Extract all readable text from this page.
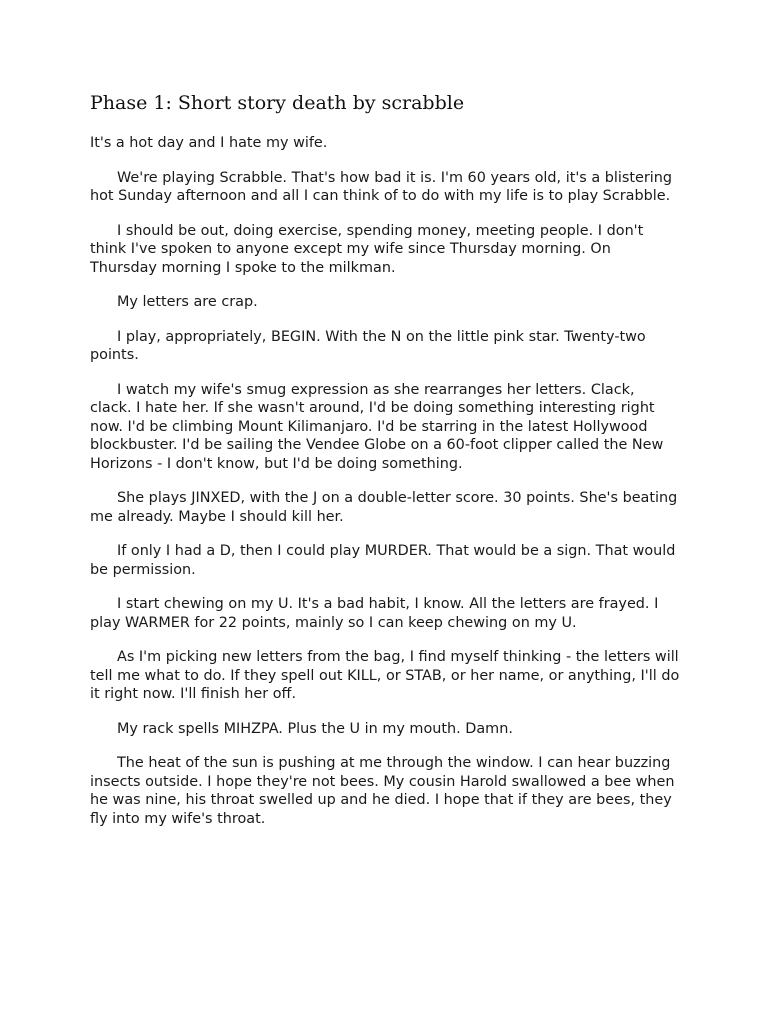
Phase 1: Short story death by scrabble

It's a hot day and I hate my wife.

We're playing Scrabble. That's how bad it is. I'm 60 years old, it's a blistering hot Sunday afternoon and all I can think of to do with my life is to play Scrabble.

I should be out, doing exercise, spending money, meeting people. I don't think I've spoken to anyone except my wife since Thursday morning. On Thursday morning I spoke to the milkman.

My letters are crap.

I play, appropriately, BEGIN. With the N on the little pink star. Twenty-two points.

I watch my wife's smug expression as she rearranges her letters. Clack, clack. I hate her. If she wasn't around, I'd be doing something interesting right now. I'd be climbing Mount Kilimanjaro. I'd be starring in the latest Hollywood blockbuster. I'd be sailing the Vendee Globe on a 60-foot clipper called the New Horizons - I don't know, but I'd be doing something.

She plays JINXED, with the J on a double-letter score. 30 points. She's beating me already. Maybe I should kill her.

If only I had a D, then I could play MURDER. That would be a sign. That would be permission.

I start chewing on my U. It's a bad habit, I know. All the letters are frayed. I play WARMER for 22 points, mainly so I can keep chewing on my U.

As I'm picking new letters from the bag, I find myself thinking - the letters will tell me what to do. If they spell out KILL, or STAB, or her name, or anything, I'll do it right now. I'll finish her off.

My rack spells MIHZPA. Plus the U in my mouth. Damn.

The heat of the sun is pushing at me through the window. I can hear buzzing insects outside. I hope they're not bees. My cousin Harold swallowed a bee when he was nine, his throat swelled up and he died. I hope that if they are bees, they fly into my wife's throat.
